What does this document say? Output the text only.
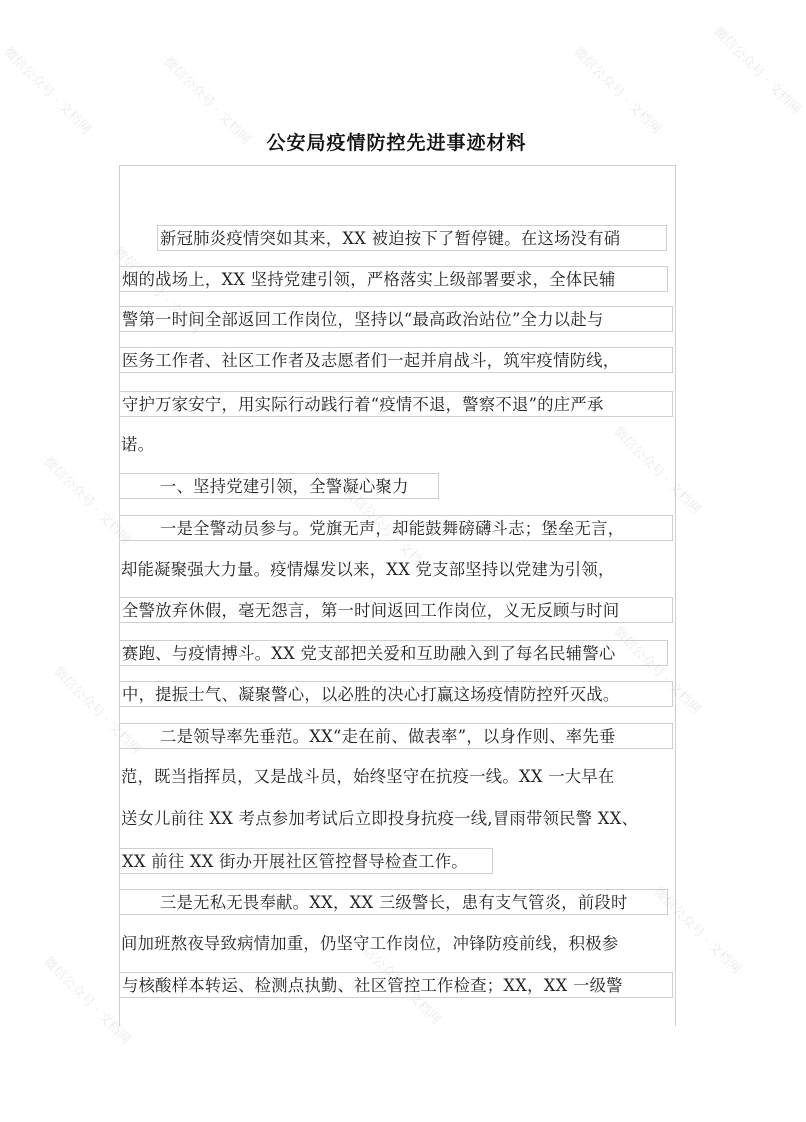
公安局疫情防控先进事迹材料
新冠肺炎疫情突如其来，XX 被迫按下了暂停键。在这场没有硝
烟的战场上，XX 坚持党建引领，严格落实上级部署要求，全体民辅
警第一时间全部返回工作岗位，坚持以“最高政治站位”全力以赴与
医务工作者、社区工作者及志愿者们一起并肩战斗，筑牢疫情防线，
守护万家安宁，用实际行动践行着“疫情不退，警察不退”的庄严承
诺。
一、坚持党建引领，全警凝心聚力
一是全警动员参与。党旗无声，却能鼓舞磅礴斗志；堡垒无言，
却能凝聚强大力量。疫情爆发以来，XX 党支部坚持以党建为引领，
全警放弃休假，毫无怨言，第一时间返回工作岗位，义无反顾与时间
赛跑、与疫情搏斗。XX 党支部把关爱和互助融入到了每名民辅警心
中，提振士气、凝聚警心，以必胜的决心打赢这场疫情防控歼灭战。
二是领导率先垂范。XX“走在前、做表率”，以身作则、率先垂
范，既当指挥员，又是战斗员，始终坚守在抗疫一线。XX 一大早在
送女儿前往 XX 考点参加考试后立即投身抗疫一线,冒雨带领民警 XX、
XX 前往 XX 街办开展社区管控督导检查工作。
三是无私无畏奉献。XX，XX 三级警长，患有支气管炎，前段时
间加班熬夜导致病情加重，仍坚守工作岗位，冲锋防疫前线，积极参
与核酸样本转运、检测点执勤、社区管控工作检查；XX，XX 一级警
微信公众号 · 文档网	微信公众号 · 文档网	微信公众号 · 文档网	微信公众号 · 文档网
微信公众号 · 文档网
微信公众号 · 文档网
微信公众号 · 文档网	微信公众号 · 文档网
微信公众号 · 文档网
微信公众号 · 文档网
微信公众号 · 文档网
微信公众号 · 文档网	微信公众号 · 文档网
